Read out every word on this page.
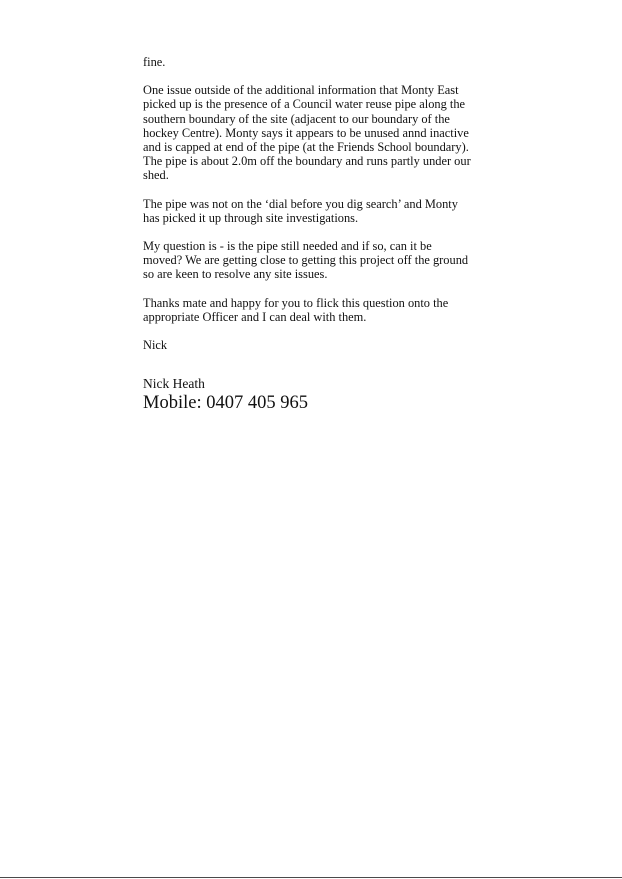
fine.

One issue outside of the additional information that Monty East
picked up is the presence of a Council water reuse pipe along the
southern boundary of the site (adjacent to our boundary of the
hockey Centre). Monty says it appears to be unused annd inactive
and is capped at end of the pipe (at the Friends School boundary).
The pipe is about 2.0m off the boundary and runs partly under our
shed.

The pipe was not on the ‘dial before you dig search’ and Monty
has picked it up through site investigations.

My question is - is the pipe still needed and if so, can it be
moved? We are getting close to getting this project off the ground
so are keen to resolve any site issues.

Thanks mate and happy for you to flick this question onto the
appropriate Officer and I can deal with them.

Nick

Nick Heath

Mobile: 0407 405 965
